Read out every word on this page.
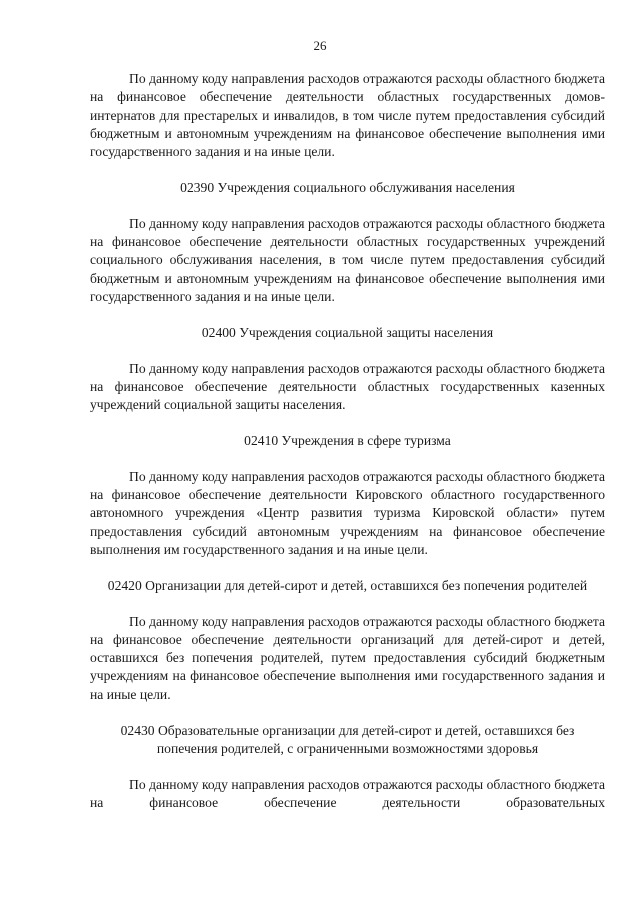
26

По данному коду направления расходов отражаются расходы областного бюджета на финансовое обеспечение деятельности областных государственных домов-интернатов для престарелых и инвалидов, в том числе путем предоставления субсидий бюджетным и автономным учреждениям на финансовое обеспечение выполнения ими государственного задания и на иные цели.

02390 Учреждения социального обслуживания населения

По данному коду направления расходов отражаются расходы областного бюджета на финансовое обеспечение деятельности областных государственных учреждений социального обслуживания населения, в том числе путем предоставления субсидий бюджетным и автономным учреждениям на финансовое обеспечение выполнения ими государственного задания и на иные цели.

02400 Учреждения социальной защиты населения

По данному коду направления расходов отражаются расходы областного бюджета на финансовое обеспечение деятельности областных государственных казенных учреждений социальной защиты населения.

02410 Учреждения в сфере туризма

По данному коду направления расходов отражаются расходы областного бюджета на финансовое обеспечение деятельности Кировского областного государственного автономного учреждения «Центр развития туризма Кировской области» путем предоставления субсидий автономным учреждениям на финансовое обеспечение выполнения им государственного задания и на иные цели.

02420 Организации для детей-сирот и детей, оставшихся без попечения родителей

По данному коду направления расходов отражаются расходы областного бюджета на финансовое обеспечение деятельности организаций для детей-сирот и детей, оставшихся без попечения родителей, путем предоставления субсидий бюджетным учреждениям на финансовое обеспечение выполнения ими государственного задания и на иные цели.

02430 Образовательные организации для детей-сирот и детей, оставшихся без попечения родителей, с ограниченными возможностями здоровья

По данному коду направления расходов отражаются расходы областного бюджета на финансовое обеспечение деятельности образовательных
